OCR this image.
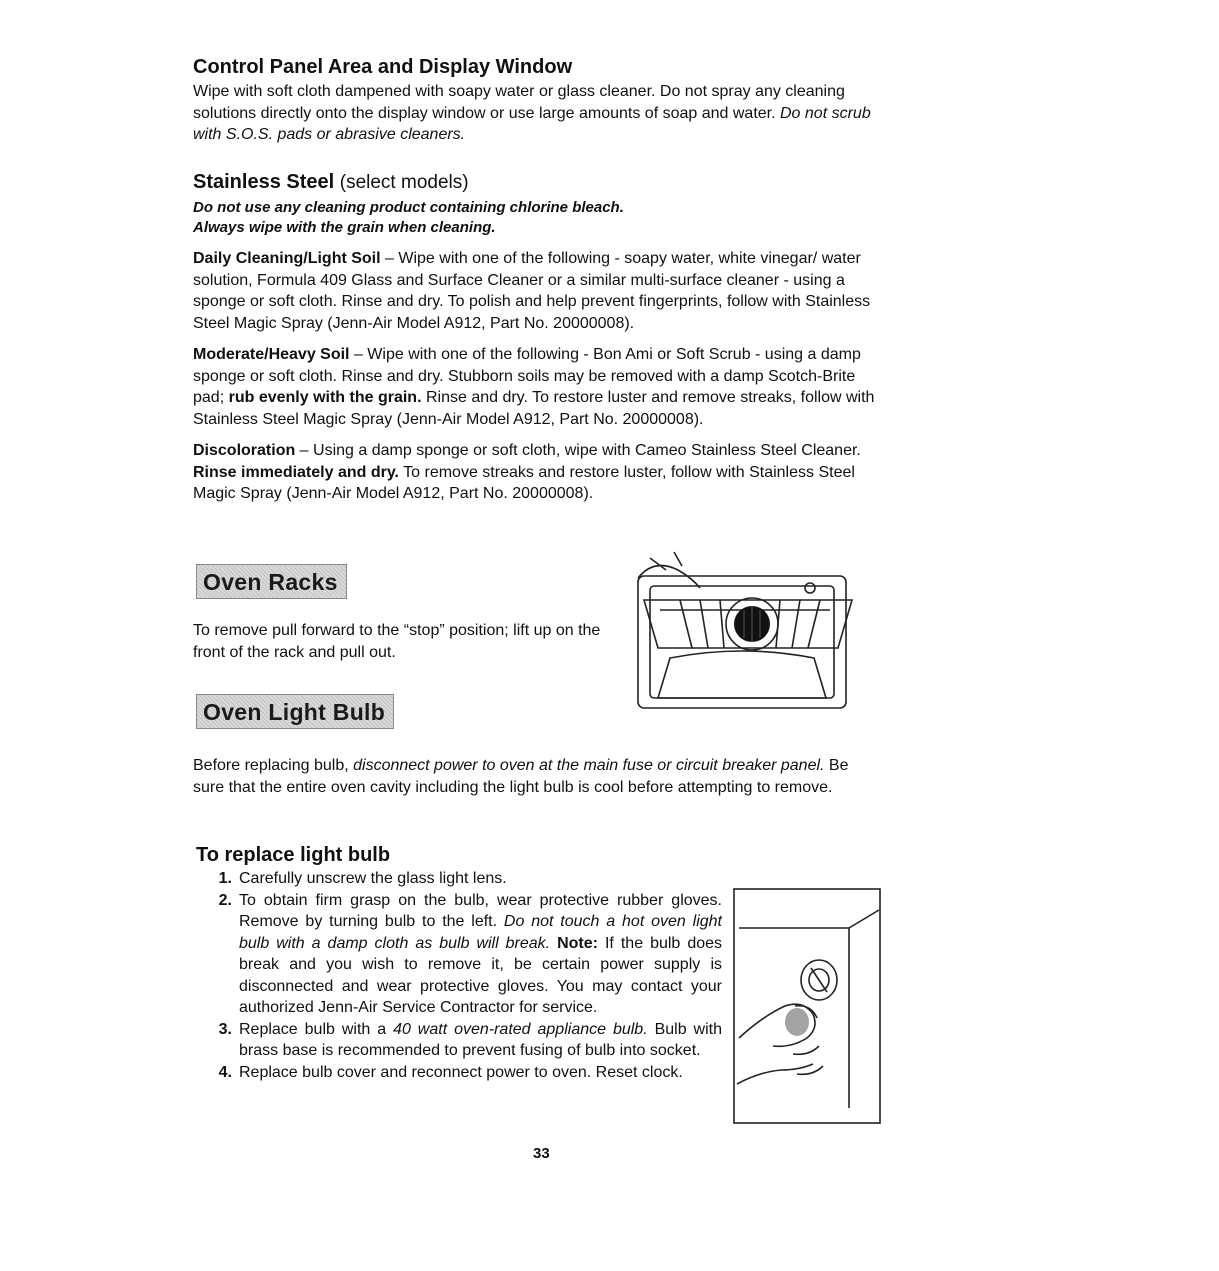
Control Panel Area and Display Window

Wipe with soft cloth dampened with soapy water or glass cleaner. Do not spray any cleaning solutions directly onto the display window or use large amounts of soap and water. Do not scrub with S.O.S. pads or abrasive cleaners.

Stainless Steel (select models)
Do not use any cleaning product containing chlorine bleach.
Always wipe with the grain when cleaning.

Daily Cleaning/Light Soil – Wipe with one of the following - soapy water, white vinegar/ water solution, Formula 409 Glass and Surface Cleaner or a similar multi-surface cleaner - using a sponge or soft cloth. Rinse and dry. To polish and help prevent fingerprints, follow with Stainless Steel Magic Spray (Jenn-Air Model A912, Part No. 20000008).

Moderate/Heavy Soil – Wipe with one of the following - Bon Ami or Soft Scrub - using a damp sponge or soft cloth. Rinse and dry. Stubborn soils may be removed with a damp Scotch-Brite pad; rub evenly with the grain. Rinse and dry. To restore luster and remove streaks, follow with Stainless Steel Magic Spray (Jenn-Air Model A912, Part No. 20000008).

Discoloration – Using a damp sponge or soft cloth, wipe with Cameo Stainless Steel Cleaner. Rinse immediately and dry. To remove streaks and restore luster, follow with Stainless Steel Magic Spray (Jenn-Air Model A912, Part No. 20000008).

Oven Racks

To remove pull forward to the “stop” position; lift up on the front of the rack and pull out.

Oven Light Bulb

Before replacing bulb, disconnect power to oven at the main fuse or circuit breaker panel. Be sure that the entire oven cavity including the light bulb is cool before attempting to remove.

To replace light bulb
1. Carefully unscrew the glass light lens.
2. To obtain firm grasp on the bulb, wear protective rubber gloves. Remove by turning bulb to the left. Do not touch a hot oven light bulb with a damp cloth as bulb will break. Note: If the bulb does break and you wish to remove it, be certain power supply is disconnected and wear protective gloves. You may contact your authorized Jenn-Air Service Contractor for service.
3. Replace bulb with a 40 watt oven-rated appliance bulb. Bulb with brass base is recommended to prevent fusing of bulb into socket.
4. Replace bulb cover and reconnect power to oven. Reset clock.
33
